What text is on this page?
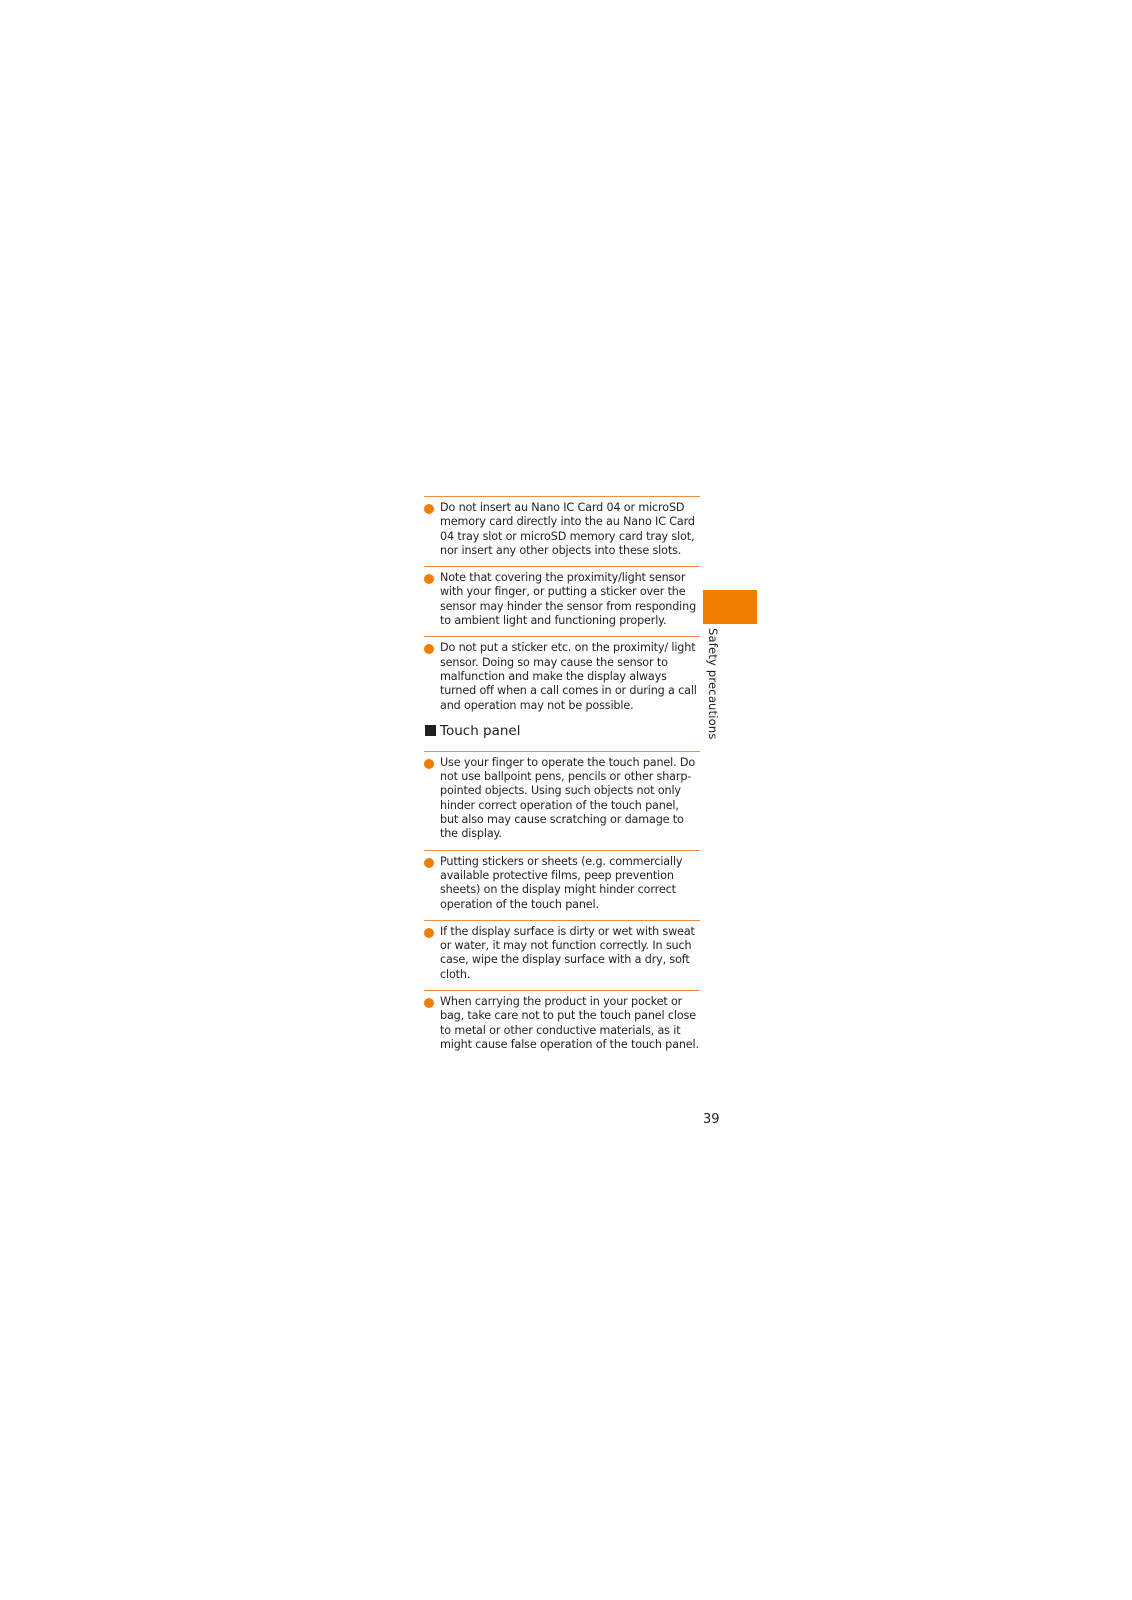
Do not insert au Nano IC Card 04 or microSD memory card directly into the au Nano IC Card 04 tray slot or microSD memory card tray slot, nor insert any other objects into these slots.
Note that covering the proximity/light sensor with your finger, or putting a sticker over the sensor may hinder the sensor from responding to ambient light and functioning properly.
Do not put a sticker etc. on the proximity/ light sensor. Doing so may cause the sensor to malfunction and make the display always turned off when a call comes in or during a call and operation may not be possible.
Touch panel
Use your finger to operate the touch panel. Do not use ballpoint pens, pencils or other sharp-pointed objects. Using such objects not only hinder correct operation of the touch panel, but also may cause scratching or damage to the display.
Putting stickers or sheets (e.g. commercially available protective films, peep prevention sheets) on the display might hinder correct operation of the touch panel.
If the display surface is dirty or wet with sweat or water, it may not function correctly. In such case, wipe the display surface with a dry, soft cloth.
When carrying the product in your pocket or bag, take care not to put the touch panel close to metal or other conductive materials, as it might cause false operation of the touch panel.
Safety precautions
39
